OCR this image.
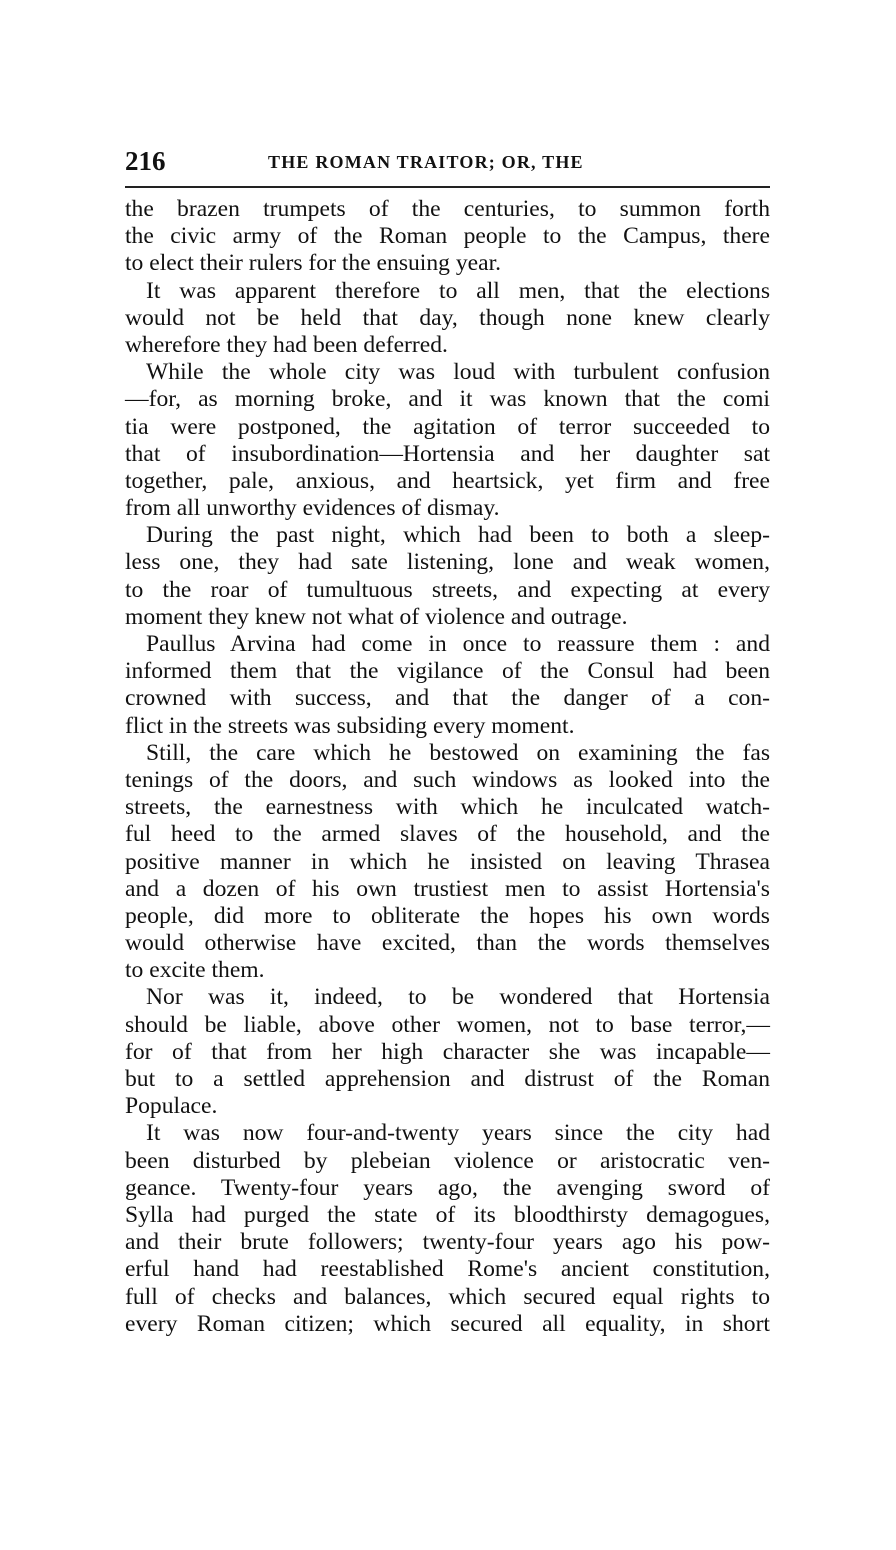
216	THE ROMAN TRAITOR; OR, THE
the brazen trumpets of the centuries, to summon forth
the civic army of the Roman people to the Campus, there
to elect their rulers for the ensuing year.
It was apparent therefore to all men, that the elections
would not be held that day, though none knew clearly
wherefore they had been deferred.
While the whole city was loud with turbulent confusion
—for, as morning broke, and it was known that the comi
tia were postponed, the agitation of terror succeeded to
that of insubordination—Hortensia and her daughter sat
together, pale, anxious, and heartsick, yet firm and free
from all unworthy evidences of dismay.
During the past night, which had been to both a sleep-
less one, they had sate listening, lone and weak women,
to the roar of tumultuous streets, and expecting at every
moment they knew not what of violence and outrage.
Paullus Arvina had come in once to reassure them : and
informed them that the vigilance of the Consul had been
crowned with success, and that the danger of a con-
flict in the streets was subsiding every moment.
Still, the care which he bestowed on examining the fas
tenings of the doors, and such windows as looked into the
streets, the earnestness with which he inculcated watch-
ful heed to the armed slaves of the household, and the
positive manner in which he insisted on leaving Thrasea
and a dozen of his own trustiest men to assist Hortensia's
people, did more to obliterate the hopes his own words
would otherwise have excited, than the words themselves
to excite them.
Nor was it, indeed, to be wondered that Hortensia
should be liable, above other women, not to base terror,—
for of that from her high character she was incapable—
but to a settled apprehension and distrust of the Roman
Populace.
It was now four-and-twenty years since the city had
been disturbed by plebeian violence or aristocratic ven-
geance. Twenty-four years ago, the avenging sword of
Sylla had purged the state of its bloodthirsty demagogues,
and their brute followers; twenty-four years ago his pow-
erful hand had reestablished Rome's ancient constitution,
full of checks and balances, which secured equal rights to
every Roman citizen; which secured all equality, in short
